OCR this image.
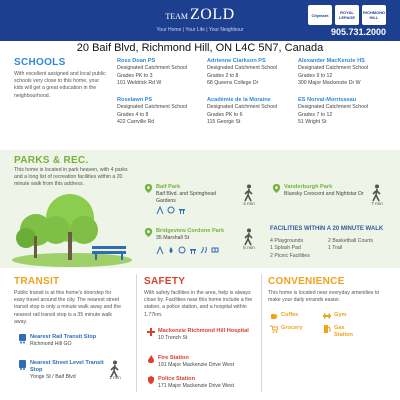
TEAM ZOLD
Your Home | Your Life | Your Neighbour
Citymark	ROYAL LEPAGE
RICHMOND HILL
905.731.2000
20 Baif Blvd, Richmond Hill, ON L4C 5N7, Canada
SCHOOLS
With excellent assigned and local public schools very close to this home, your kids will get a great education in the neighbourhood.
Ross Doan PS
Designated Catchment School
Grades PK to 3
101 Weldrick Rd W
Adrienne Clarkson PS
Designated Catchment School
Grades 2 to 8
68 Queens College Dr
Alexander MacKenzie HS
Designated Catchment School
Grades 9 to 12
300 Major Mackenzie Dr W
Roselawn PS
Designated Catchment School
Grades 4 to 8
422 Carrville Rd
Académie de la Moraine
Designated Catchment School
Grades PK to 6
115 George St
ES Norval-Morrisseau
Designated Catchment School
Grades 7 to 12
51 Wright St
PARKS & REC.
This home is located in park heaven, with 4 parks and a long list of recreation facilities within a 20 minute walk from this address.	Baif Park
Baif Blvd. and Springhead Gardens
4 min
Vanderburgh Park
Bluesky Crescent and Nightstar Dr
7 min
Bridgeview Cordone Park
35 Marshall St
5 min
FACILITIES WITHIN A 20 MINUTE WALK
4 Playgrounds
1 Splash Pad
2 Picnic Facilities
2 Basketball Courts
1 Trail
TRANSIT
Public transit is at this home's doorstep for easy travel around the city. The nearest street transit stop is only a minute walk away and the nearest rail transit stop is a 35 minute walk away.
Nearest Rail Transit Stop
Richmond Hill GO
Nearest Street Level Transit Stop
Yonge St / Baif Blvd	1 min
SAFETY
With safety facilities in the area, help is always close by. Facilities near this home include a fire station, a police station, and a hospital within 1.77km.
Mackenzie Richmond Hill Hospital
10 Trench St
Fire Station
191 Major Mackenzie Drive West
Police Station
171 Major Mackenzie Drive West
CONVENIENCE
This home is located near everyday amenities to make your daily errands easier.
Coffee	Gym
Grocery	Gas Station
